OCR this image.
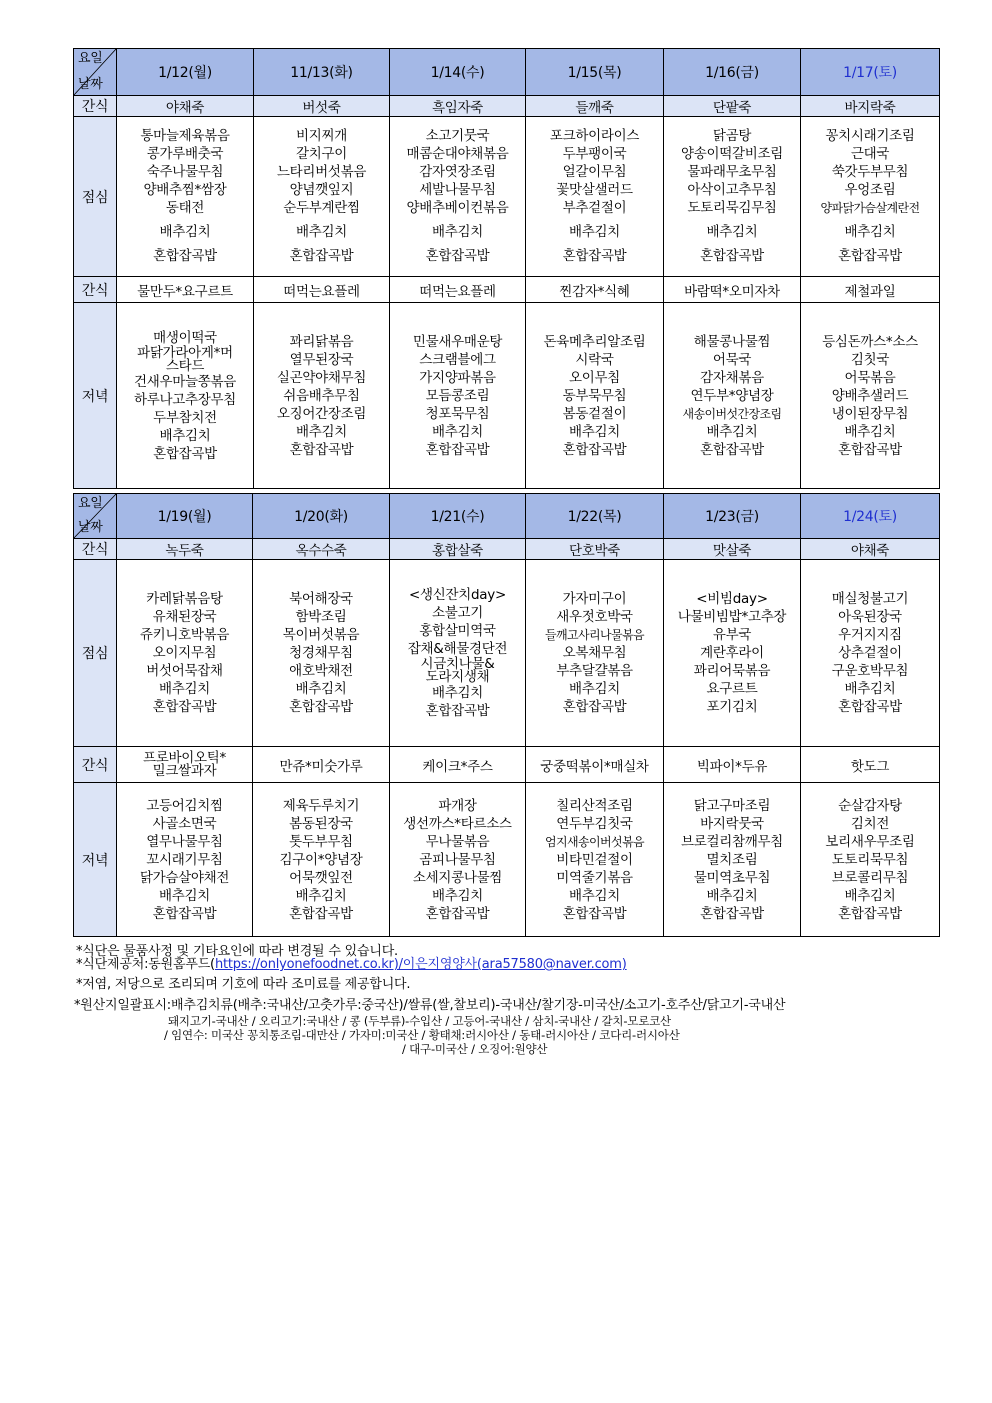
요일
날짜	1/12(월)	11/13(화)	1/14(수)	1/15(목)	1/16(금)	1/17(토)
간식	야채죽	버섯죽	흑임자죽	들깨죽	단팥죽	바지락죽
점심	
통마늘제육볶음
콩가루배춧국
숙주나물무침
양배추찜*쌈장
동태전
배추김치
혼합잡곡밥

비지찌개
갈치구이
느타리버섯볶음
양념깻잎지
순두부계란찜
배추김치
혼합잡곡밥

소고기뭇국
매콤순대야채볶음
감자엿장조림
세발나물무침
양배추베이컨볶음
배추김치
혼합잡곡밥

포크하이라이스
두부팽이국
얼갈이무침
꽃맛살샐러드
부추겉절이
배추김치
혼합잡곡밥

닭곰탕
양송이떡갈비조림
물파래무초무침
아삭이고추무침
도토리묵김무침
배추김치
혼합잡곡밥

꽁치시래기조림
근대국
쑥갓두부무침
우엉조림
양파닭가슴살계란전
배추김치
혼합잡곡밥

간식	물만두*요구르트	떠먹는요플레	떠먹는요플레	찐감자*식혜	바람떡*오미자차	제철과일
저녁	
매생이떡국
파닭가라아게*머스타드
건새우마늘쫑볶음
하루나고추장무침
두부참치전
배추김치
혼합잡곡밥

꽈리닭볶음
열무된장국
실곤약야채무침
쉬음배추무침
오징어간장조림
배추김치
혼합잡곡밥

민물새우매운탕
스크램블에그
가지양파볶음
모듬콩조림
청포묵무침
배추김치
혼합잡곡밥

돈육메추리알조림
시락국
오이무침
동부묵무침
봄동겉절이
배추김치
혼합잡곡밥

해물콩나물찜
어묵국
감자채볶음
연두부*양념장
새송이버섯간장조림
배추김치
혼합잡곡밥

등심돈까스*소스
김칫국
어묵볶음
양배추샐러드
냉이된장무침
배추김치
혼합잡곡밥
요일
날짜	1/19(월)	1/20(화)	1/21(수)	1/22(목)	1/23(금)	1/24(토)
간식	녹두죽	옥수수죽	홍합살죽	단호박죽	맛살죽	야채죽
점심	
카레닭볶음탕
유채된장국
쥬키니호박볶음
오이지무침
버섯어묵잡채
배추김치
혼합잡곡밥

북어해장국
함박조림
목이버섯볶음
청경채무침
애호박채전
배추김치
혼합잡곡밥

<생신잔치day>
소불고기
홍합살미역국
잡채&해물경단전
시금치나물&도라지생채
배추김치
혼합잡곡밥

가자미구이
새우젓호박국
들깨고사리나물볶음
오복채무침
부추달걀볶음
배추김치
혼합잡곡밥

<비빔day>
나물비빔밥*고추장
유부국
계란후라이
꽈리어묵볶음
요구르트
포기김치

매실청불고기
아욱된장국
우거지지짐
상추겉절이
구운호박무침
배추김치
혼합잡곡밥

간식	프로바이오틱*밀크쌀과자	만쥬*미숫가루	케이크*주스	궁중떡볶이*매실차	빅파이*두유	핫도그
저녁	
고등어김치찜
사골소면국
열무나물무침
꼬시래기무침
닭가슴살야채전
배추김치
혼합잡곡밥

제육두루치기
봄동된장국
톳두부무침
김구이*양념장
어묵깻잎전
배추김치
혼합잡곡밥

파개장
생선까스*타르소스
무나물볶음
곰피나물무침
소세지콩나물찜
배추김치
혼합잡곡밥

칠리산적조림
연두부김칫국
엄지새송이버섯볶음
비타민겉절이
미역줄기볶음
배추김치
혼합잡곡밥

닭고구마조림
바지락뭇국
브로컬리참깨무침
멸치조림
물미역초무침
배추김치
혼합잡곡밥

순살감자탕
김치전
보리새우무조림
도토리묵무침
브로콜리무침
배추김치
혼합잡곡밥
*식단은 물품사정 및 기타요인에 따라 변경될 수 있습니다.
*식단제공처:동원홈푸드(https://onlyonefoodnet.co.kr)/이은지영양사(ara57580@naver.com)
*저염, 저당으로 조리되며 기호에 따라 조미료를 제공합니다.
*원산지일괄표시:배추김치류(배추:국내산/고춧가루:중국산)/쌀류(쌀,찰보리)-국내산/찰기장-미국산/소고기-호주산/닭고기-국내산
돼지고기-국내산 / 오리고기:국내산 / 콩 (두부류)-수입산 / 고등어-국내산 / 삼치-국내산 / 갈치-모로코산
/ 임연수: 미국산 꽁치통조림-대만산 / 가자미:미국산 / 황태채:러시아산 / 동태-러시아산 / 코다리-러시아산
/ 대구-미국산 / 오징어:원양산
